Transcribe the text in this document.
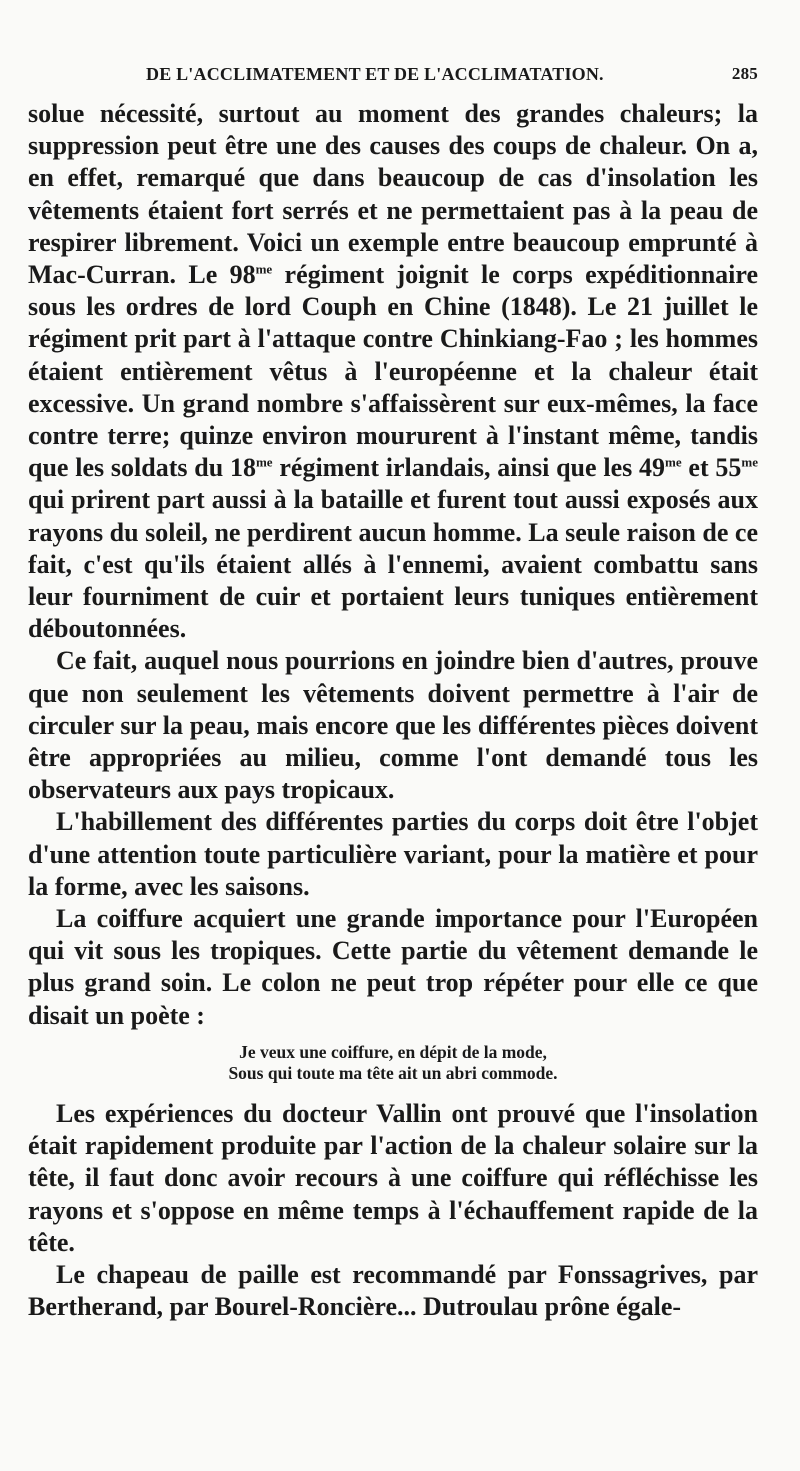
DE L'ACCLIMATEMENT ET DE L'ACCLIMATATION.	285

solue nécessité, surtout au moment des grandes chaleurs; la suppression peut être une des causes des coups de chaleur. On a, en effet, remarqué que dans beaucoup de cas d'insolation les vêtements étaient fort serrés et ne permettaient pas à la peau de respirer librement. Voici un exemple entre beaucoup emprunté à Mac-Curran. Le $98^{me}$ régiment joignit le corps expéditionnaire sous les ordres de lord Couph en Chine (1848). Le 21 juillet le régiment prit part à l'attaque contre Chinkiang-Fao ; les hommes étaient entièrement vêtus à l'européenne et la chaleur était excessive. Un grand nombre s'affaissèrent sur eux-mêmes, la face contre terre; quinze environ moururent à l'instant même, tandis que les soldats du $18^{me}$ régiment irlandais, ainsi que les $49^{me}$ et $55^{me}$ qui prirent part aussi à la bataille et furent tout aussi exposés aux rayons du soleil, ne perdirent aucun homme. La seule raison de ce fait, c'est qu'ils étaient allés à l'ennemi, avaient combattu sans leur fourniment de cuir et portaient leurs tuniques entièrement déboutonnées.

Ce fait, auquel nous pourrions en joindre bien d'autres, prouve que non seulement les vêtements doivent permettre à l'air de circuler sur la peau, mais encore que les différentes pièces doivent être appropriées au milieu, comme l'ont demandé tous les observateurs aux pays tropicaux.

L'habillement des différentes parties du corps doit être l'objet d'une attention toute particulière variant, pour la matière et pour la forme, avec les saisons.

La coiffure acquiert une grande importance pour l'Européen qui vit sous les tropiques. Cette partie du vêtement demande le plus grand soin. Le colon ne peut trop répéter pour elle ce que disait un poète :

Je veux une coiffure, en dépit de la mode,
Sous qui toute ma tête ait un abri commode.

Les expériences du docteur Vallin ont prouvé que l'insolation était rapidement produite par l'action de la chaleur solaire sur la tête, il faut donc avoir recours à une coiffure qui réfléchisse les rayons et s'oppose en même temps à l'échauffement rapide de la tête.

Le chapeau de paille est recommandé par Fonssagrives, par Bertherand, par Bourel-Roncière... Dutroulau prône égale-
